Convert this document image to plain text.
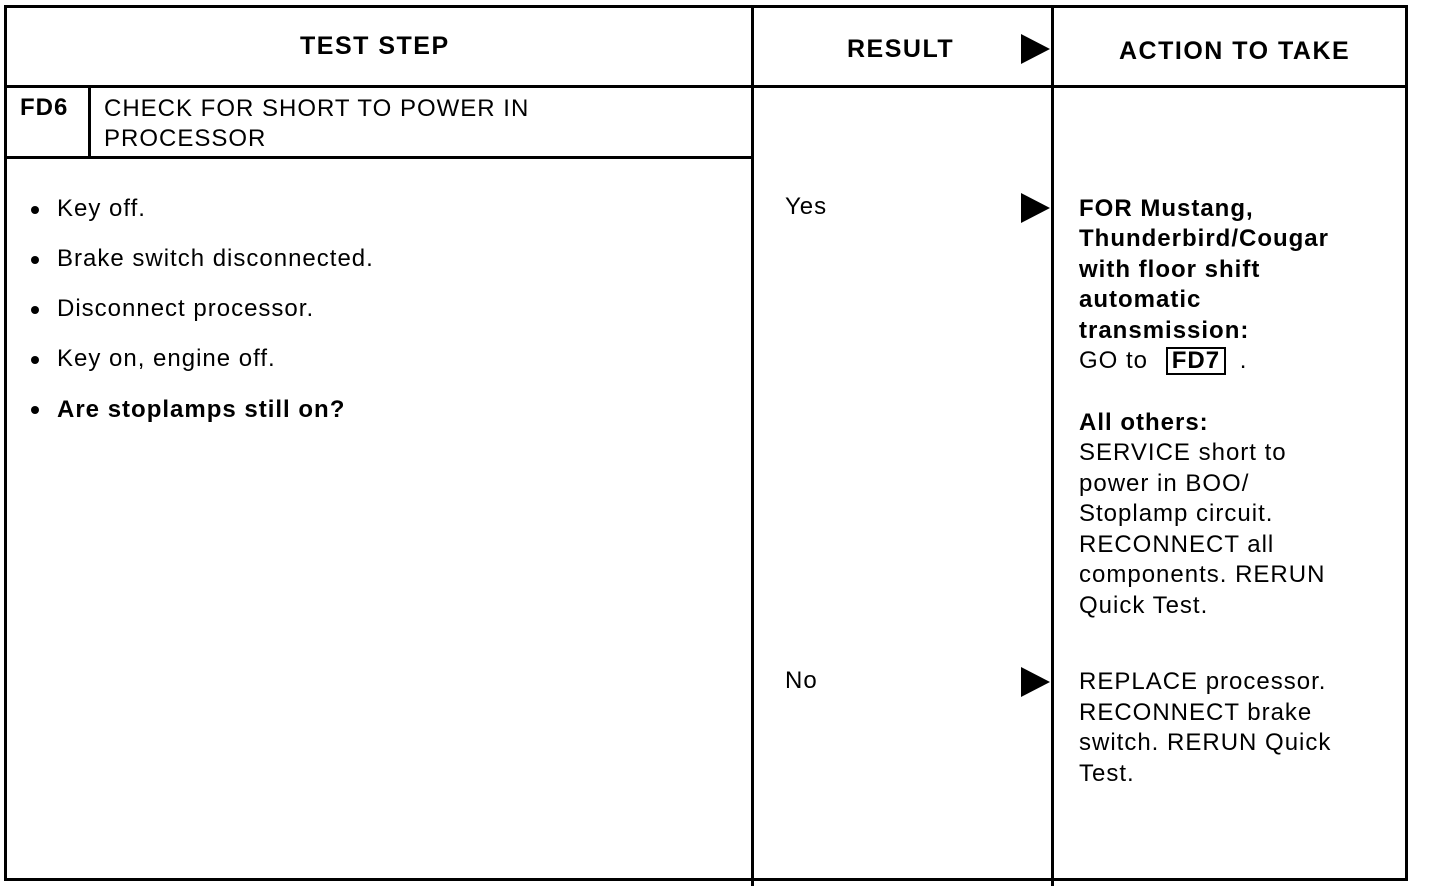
TEST STEP	RESULT	ACTION TO TAKE
FD6 CHECK FOR SHORT TO POWER IN
PROCESSOR
Key off.
Brake switch disconnected.
Disconnect processor.
Key on, engine off.
Are stoplamps still on?
Yes
No
FOR Mustang,
Thunderbird/Cougar
with floor shift
automatic
transmission:
GO to FD7 .
All others:
SERVICE short to
power in BOO/
Stoplamp circuit.
RECONNECT all
components. RERUN
Quick Test.
REPLACE processor.
RECONNECT brake
switch. RERUN Quick
Test.
